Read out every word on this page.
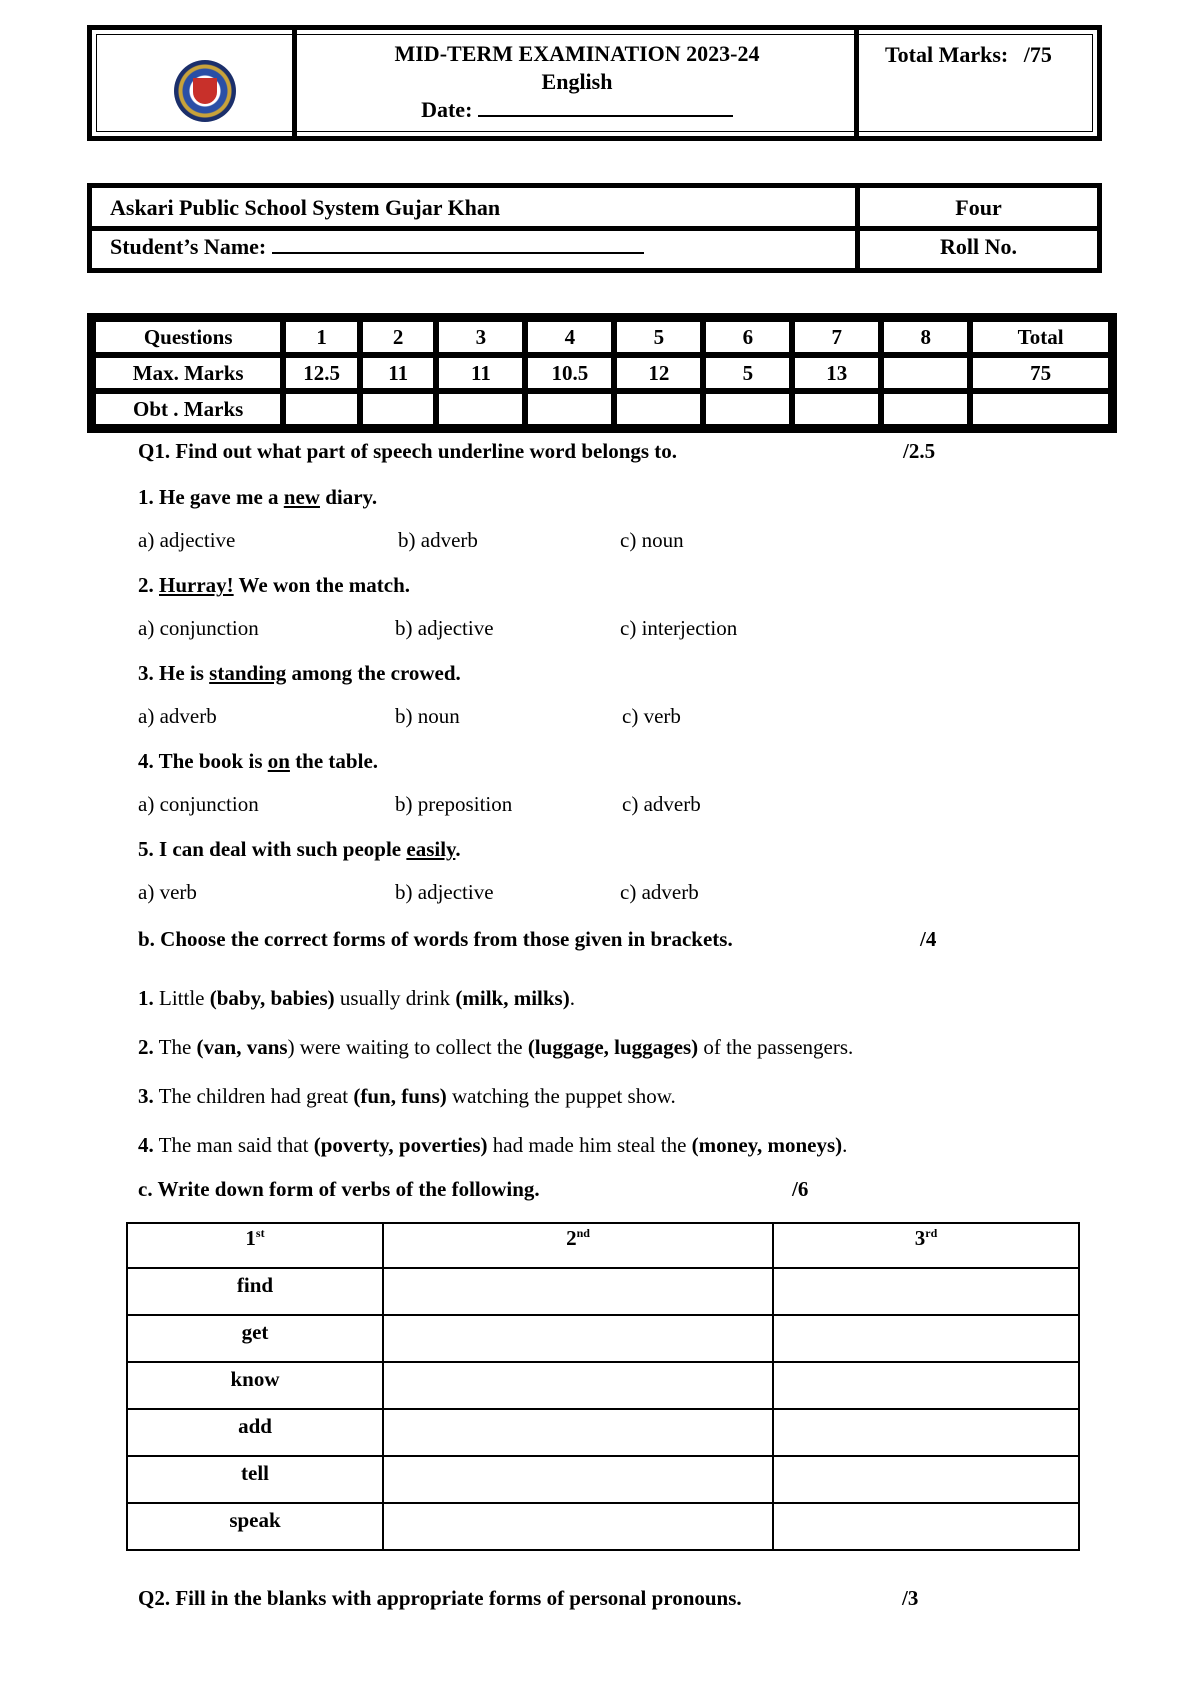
MID-TERM EXAMINATION 2023-24
English
Date:
Total Marks: /75
Askari Public School System Gujar Khan	Four
Student’s Name:	Roll No.
Questions	1	2	3	4	5	6	7	8	Total
Max. Marks	12.5	11	11	10.5	12	5	13		75
Obt . Marks									
Q1. Find out what part of speech underline word belongs to.	/2.5
1. He gave me a new diary.
a) adjective	b) adverb	c) noun
2. Hurray! We won the match.
a) conjunction	b) adjective	c) interjection
3. He is standing among the crowed.
a) adverb	b) noun	c) verb
4. The book is on the table.
a) conjunction	b) preposition	c) adverb
5. I can deal with such people easily.
a) verb	b) adjective	c) adverb
b. Choose the correct forms of words from those given in brackets.	/4
1. Little (baby, babies) usually drink (milk, milks).
2. The (van, vans) were waiting to collect the (luggage, luggages) of the passengers.
3. The children had great (fun, funs) watching the puppet show.
4. The man said that (poverty, poverties) had made him steal the (money, moneys).
c. Write down form of verbs of the following.	/6
1st	2nd	3rd
find		
get		
know		
add		
tell		
speak		
Q2. Fill in the blanks with appropriate forms of personal pronouns.	/3
